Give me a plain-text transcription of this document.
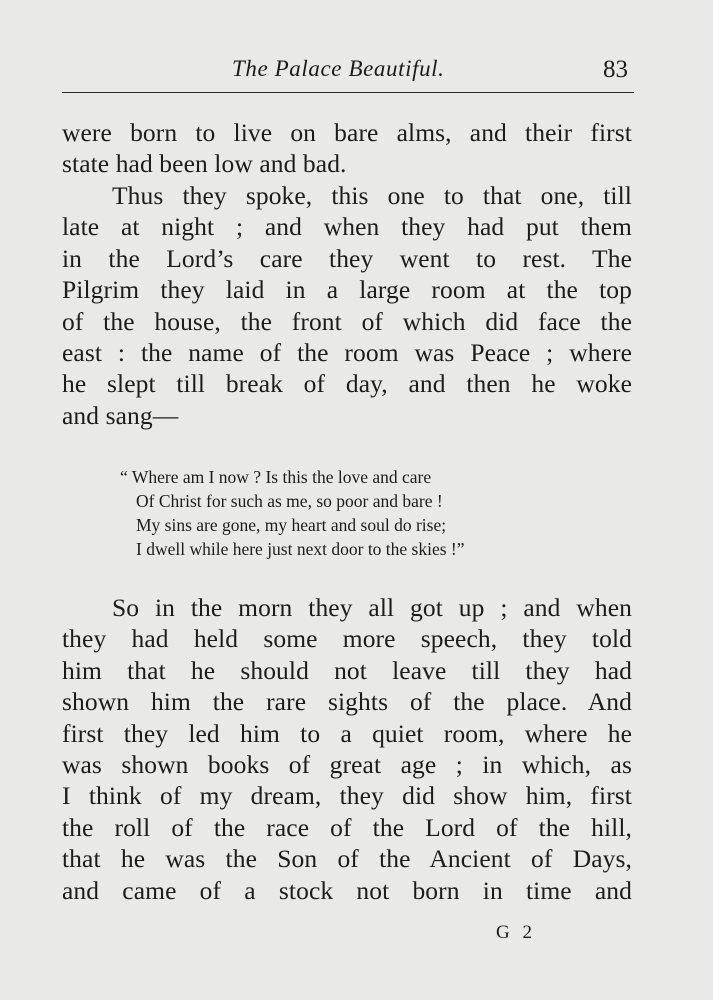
The Palace Beautiful.	83
were born to live on bare alms, and their first
state had been low and bad.
Thus they spoke, this one to that one, till
late at night ; and when they had put them
in the Lord’s care they went to rest. The
Pilgrim they laid in a large room at the top
of the house, the front of which did face the
east : the name of the room was Peace ; where
he slept till break of day, and then he woke
and sang—
“ Where am I now ? Is this the love and care
Of Christ for such as me, so poor and bare !
My sins are gone, my heart and soul do rise;
I dwell while here just next door to the skies !”
So in the morn they all got up ; and when
they had held some more speech, they told
him that he should not leave till they had
shown him the rare sights of the place. And
first they led him to a quiet room, where he
was shown books of great age ; in which, as
I think of my dream, they did show him, first
the roll of the race of the Lord of the hill,
that he was the Son of the Ancient of Days,
and came of a stock not born in time and
G 2
